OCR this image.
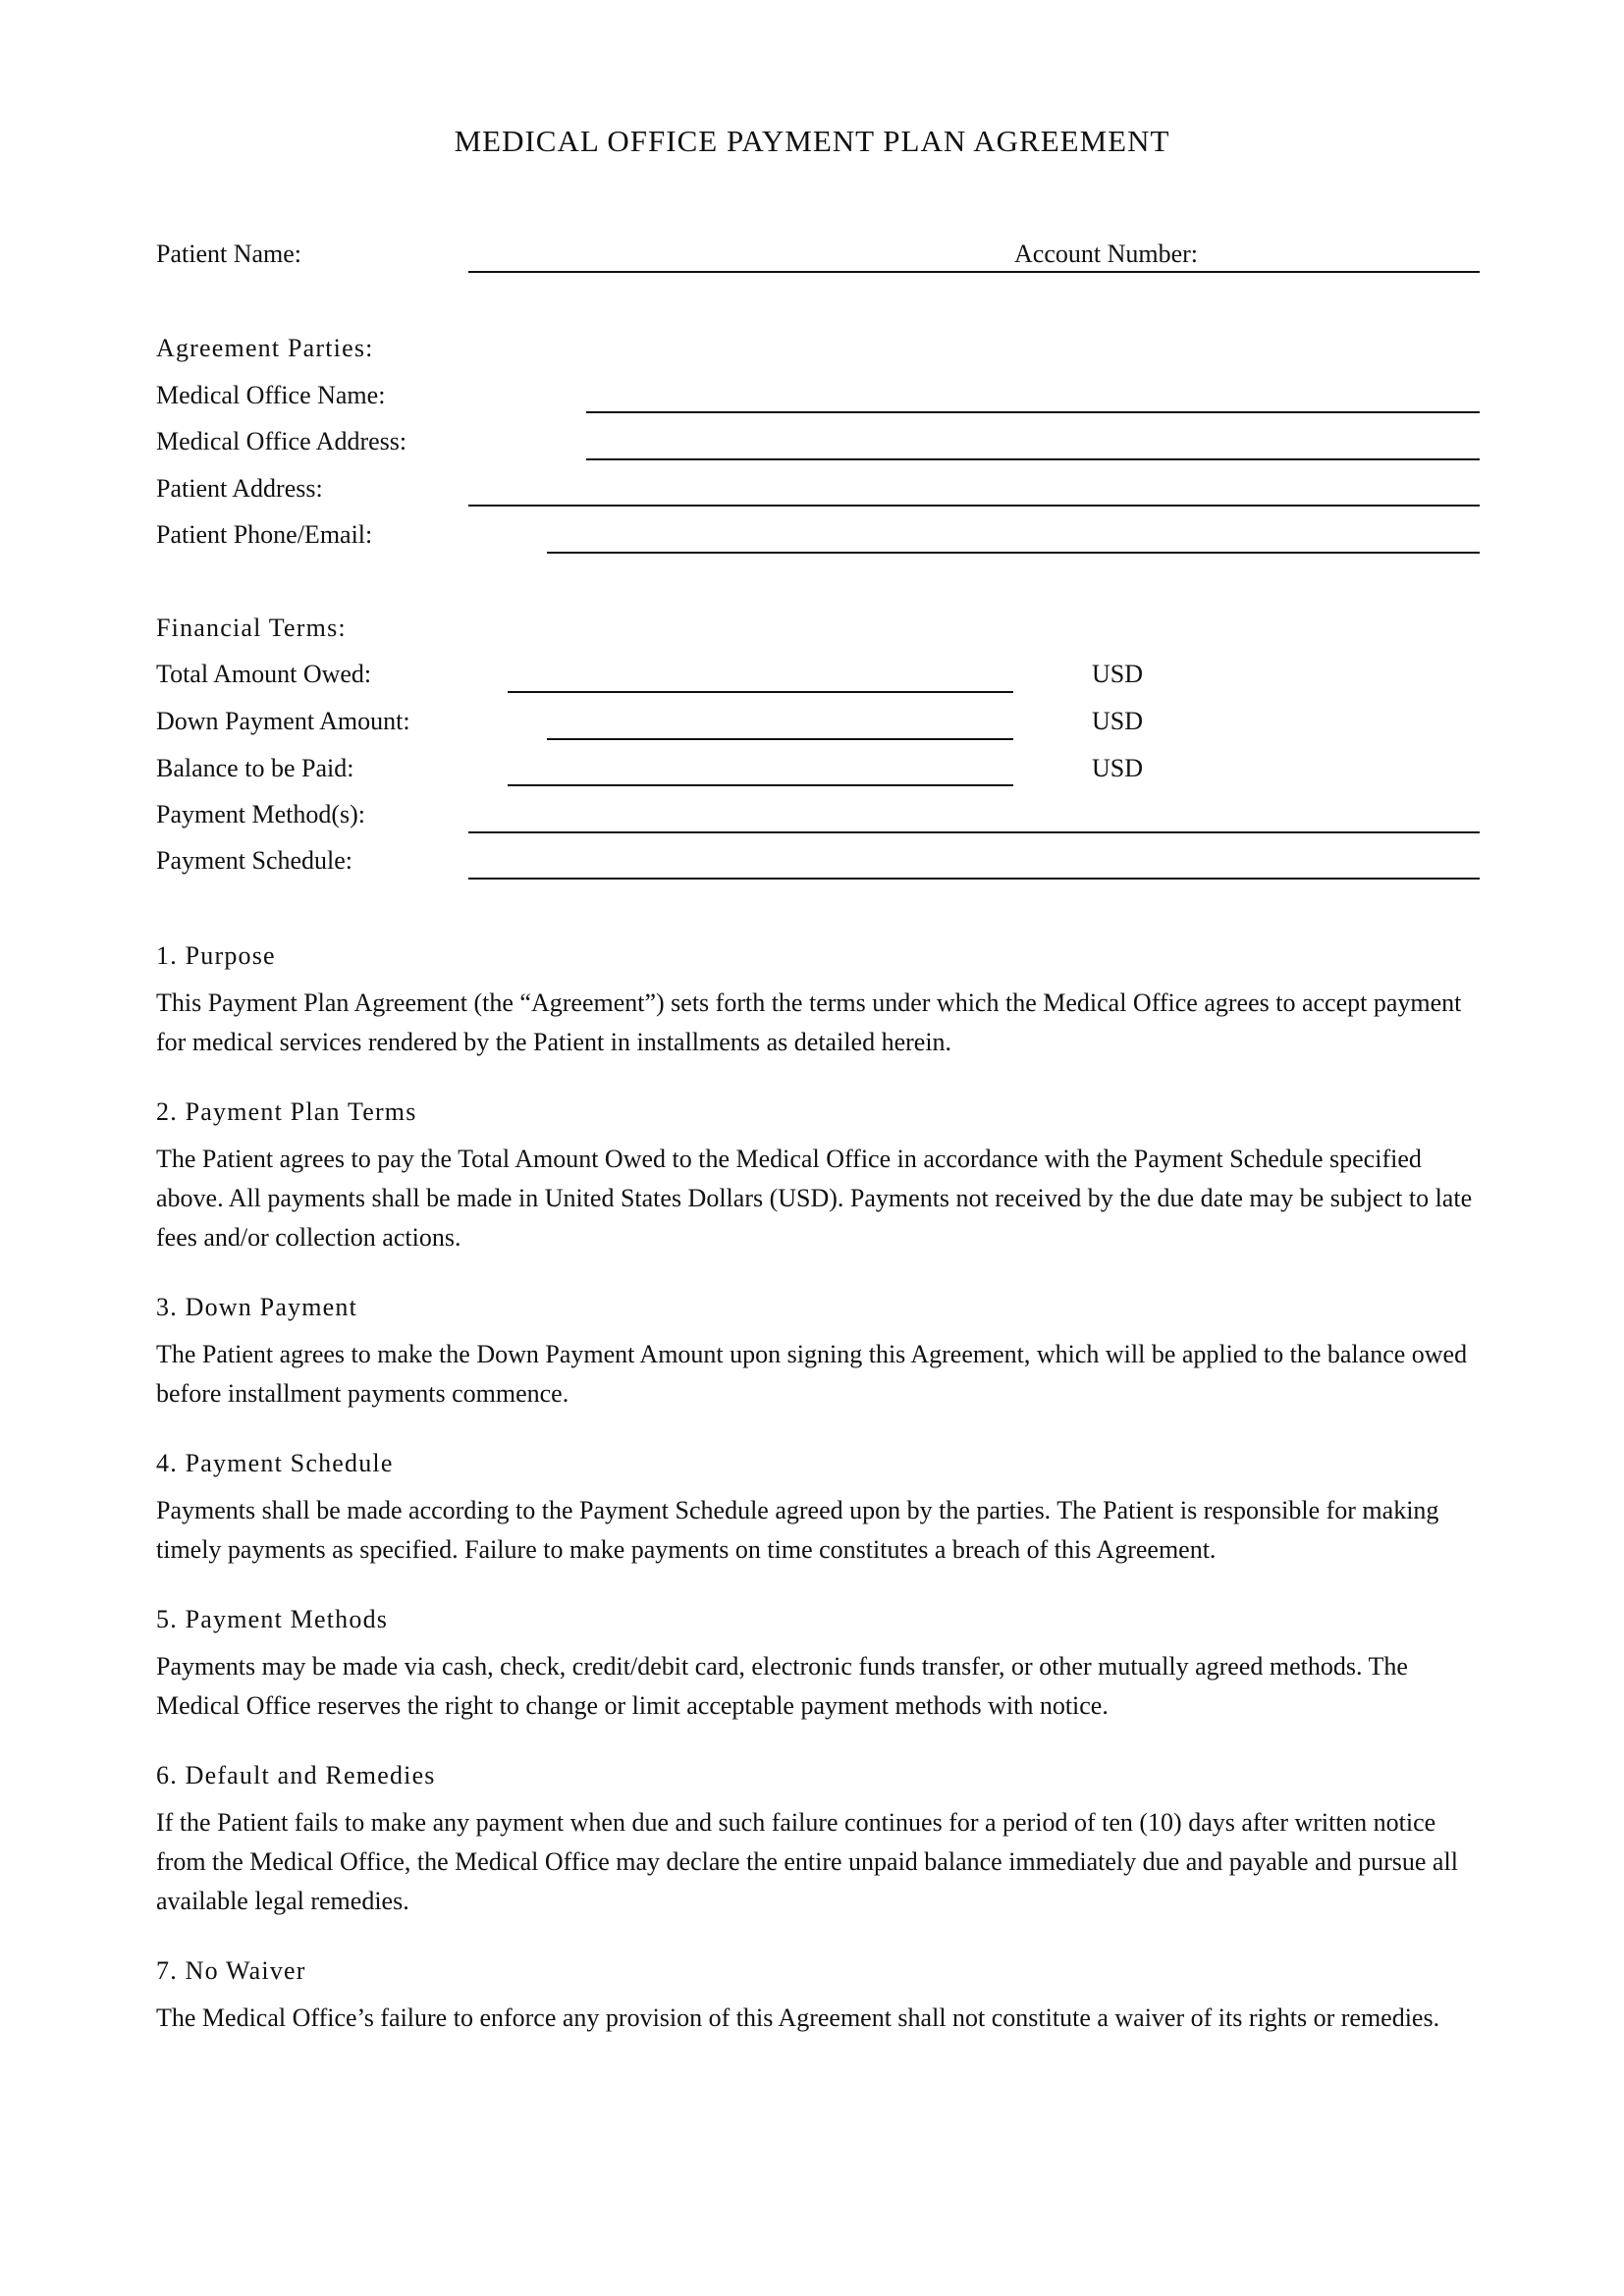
MEDICAL OFFICE PAYMENT PLAN AGREEMENT
Patient Name:	Account Number:
Agreement Parties:
Medical Office Name:
Medical Office Address:
Patient Address:
Patient Phone/Email:
Financial Terms:
Total Amount Owed:	USD
Down Payment Amount:	USD
Balance to be Paid:	USD
Payment Method(s):
Payment Schedule:

1. Purpose

This Payment Plan Agreement (the “Agreement”) sets forth the terms under which the Medical Office agrees to accept payment for medical services rendered by the Patient in installments as detailed herein.

2. Payment Plan Terms

The Patient agrees to pay the Total Amount Owed to the Medical Office in accordance with the Payment Schedule specified above. All payments shall be made in United States Dollars (USD). Payments not received by the due date may be subject to late fees and/or collection actions.

3. Down Payment

The Patient agrees to make the Down Payment Amount upon signing this Agreement, which will be applied to the balance owed before installment payments commence.

4. Payment Schedule

Payments shall be made according to the Payment Schedule agreed upon by the parties. The Patient is responsible for making timely payments as specified. Failure to make payments on time constitutes a breach of this Agreement.

5. Payment Methods

Payments may be made via cash, check, credit/debit card, electronic funds transfer, or other mutually agreed methods. The Medical Office reserves the right to change or limit acceptable payment methods with notice.

6. Default and Remedies

If the Patient fails to make any payment when due and such failure continues for a period of ten (10) days after written notice from the Medical Office, the Medical Office may declare the entire unpaid balance immediately due and payable and pursue all available legal remedies.

7. No Waiver

The Medical Office’s failure to enforce any provision of this Agreement shall not constitute a waiver of its rights or remedies.
